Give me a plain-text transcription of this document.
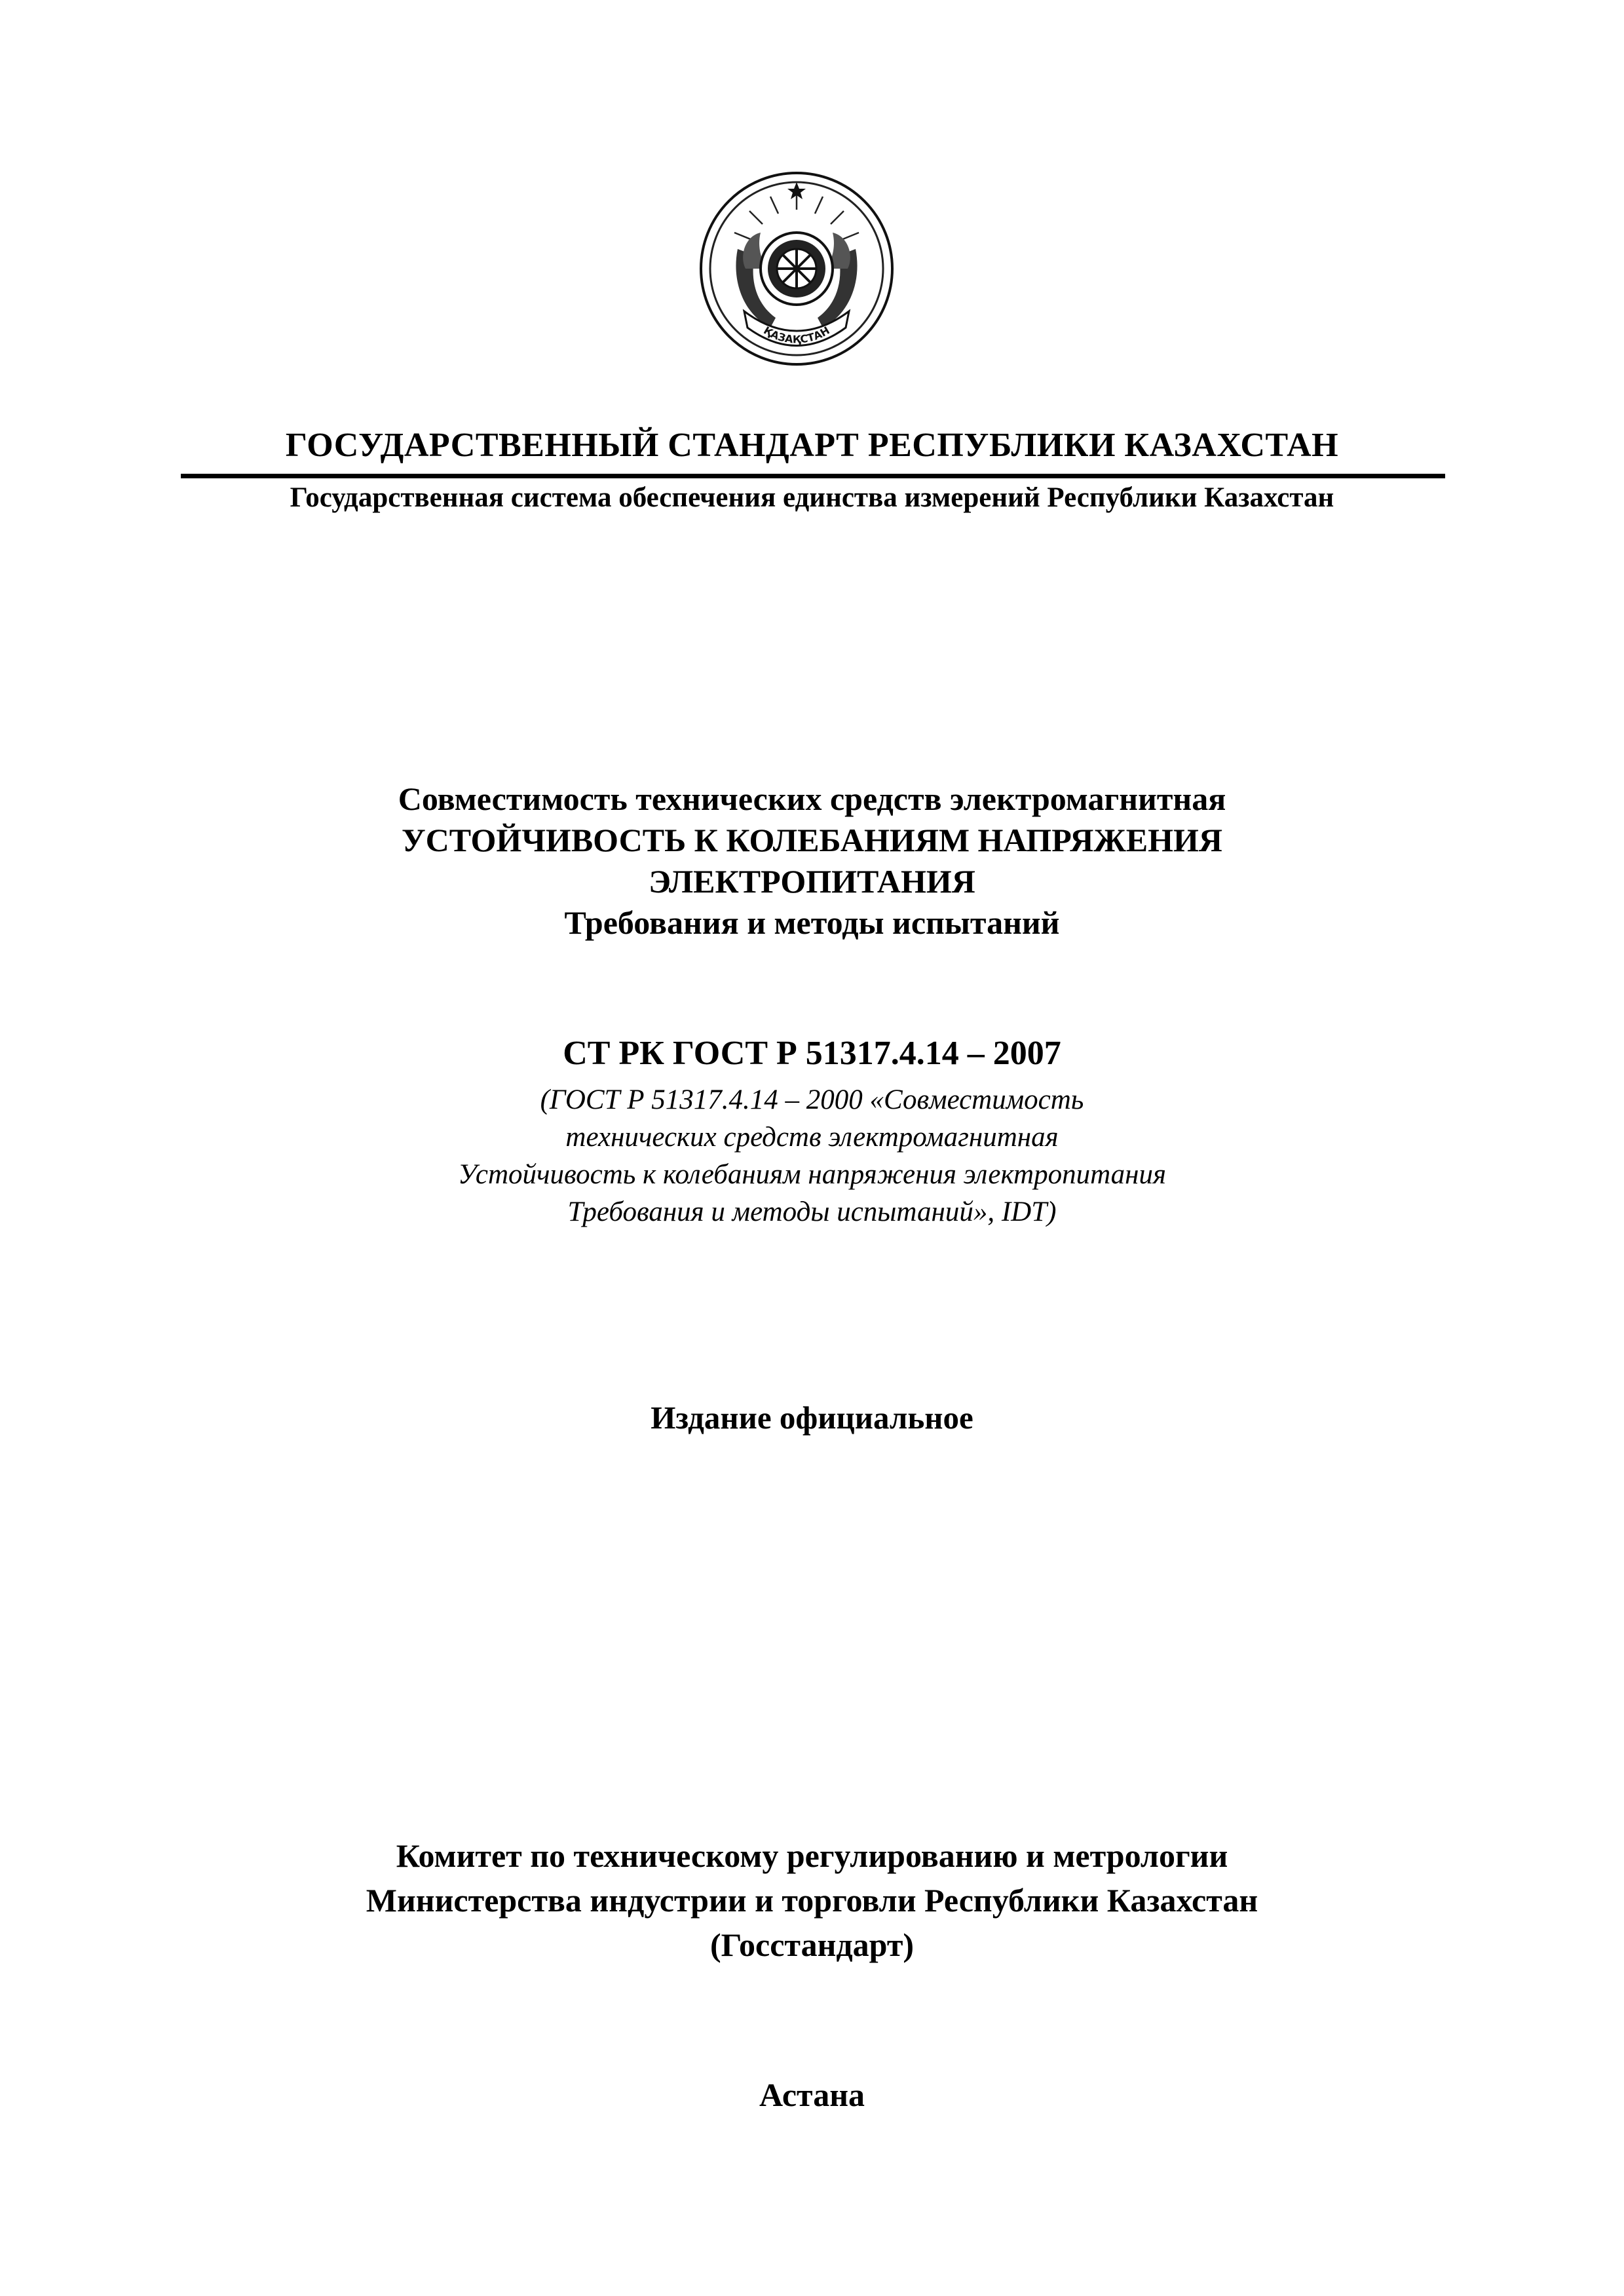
ҚАЗАҚСТАН
ГОСУДАРСТВЕННЫЙ СТАНДАРТ РЕСПУБЛИКИ КАЗАХСТАН
Государственная система обеспечения единства измерений Республики Казахстан
Совместимость технических средств электромагнитная
УСТОЙЧИВОСТЬ К КОЛЕБАНИЯМ НАПРЯЖЕНИЯ
ЭЛЕКТРОПИТАНИЯ
Требования и методы испытаний
СТ РК ГОСТ Р 51317.4.14 – 2007
(ГОСТ Р 51317.4.14 – 2000 «Совместимость
технических средств электромагнитная
Устойчивость к колебаниям напряжения электропитания
Требования и методы испытаний», IDT)
Издание официальное
Комитет по техническому регулированию и метрологии
Министерства индустрии и торговли Республики Казахстан
(Госстандарт)
Астана
